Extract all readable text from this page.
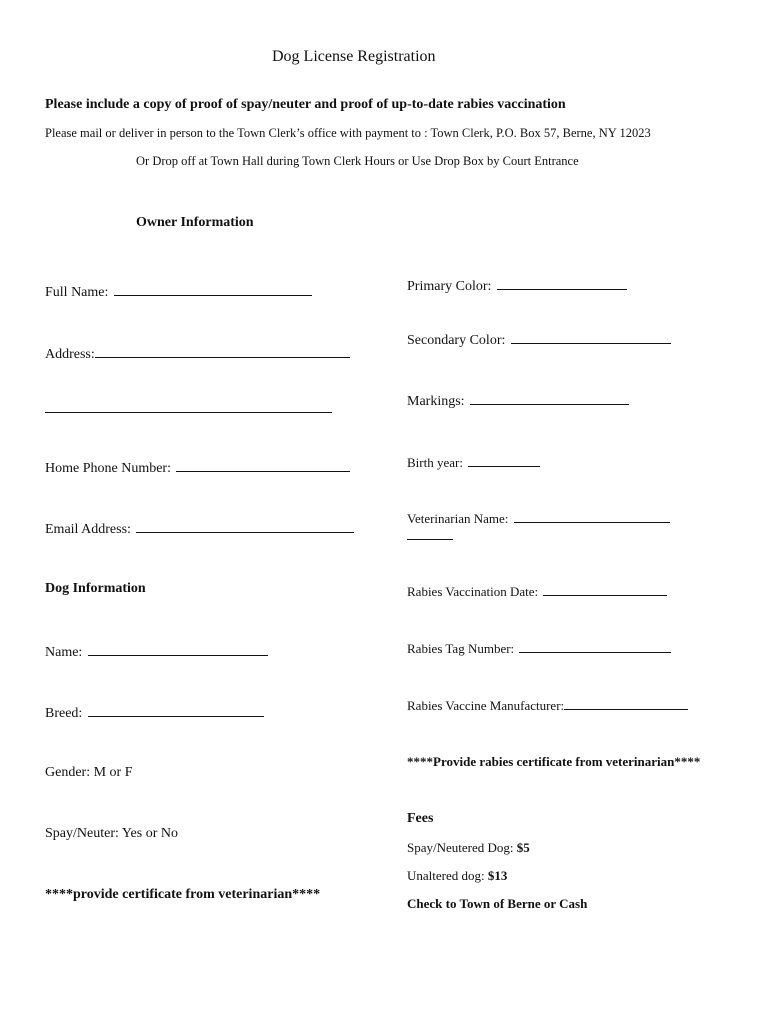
Dog License Registration
Please include a copy of proof of spay/neuter and proof of up-to-date rabies vaccination
Please mail or deliver in person to the Town Clerk’s office with payment to : Town Clerk, P.O. Box 57, Berne, NY 12023
Or Drop off at Town Hall during Town Clerk Hours or Use Drop Box by Court Entrance
Owner Information
Full Name:
Address:
Home Phone Number:
Email Address:
Dog Information
Name:
Breed:
Gender: M or F
Spay/Neuter: Yes or No
****provide certificate from veterinarian****
Primary Color:
Secondary Color:
Markings:
Birth year:
Veterinarian Name:
Rabies Vaccination Date:
Rabies Tag Number:
Rabies Vaccine Manufacturer:
****Provide rabies certificate from veterinarian****
Fees
Spay/Neutered Dog: $5
Unaltered dog: $13
Check to Town of Berne or Cash
